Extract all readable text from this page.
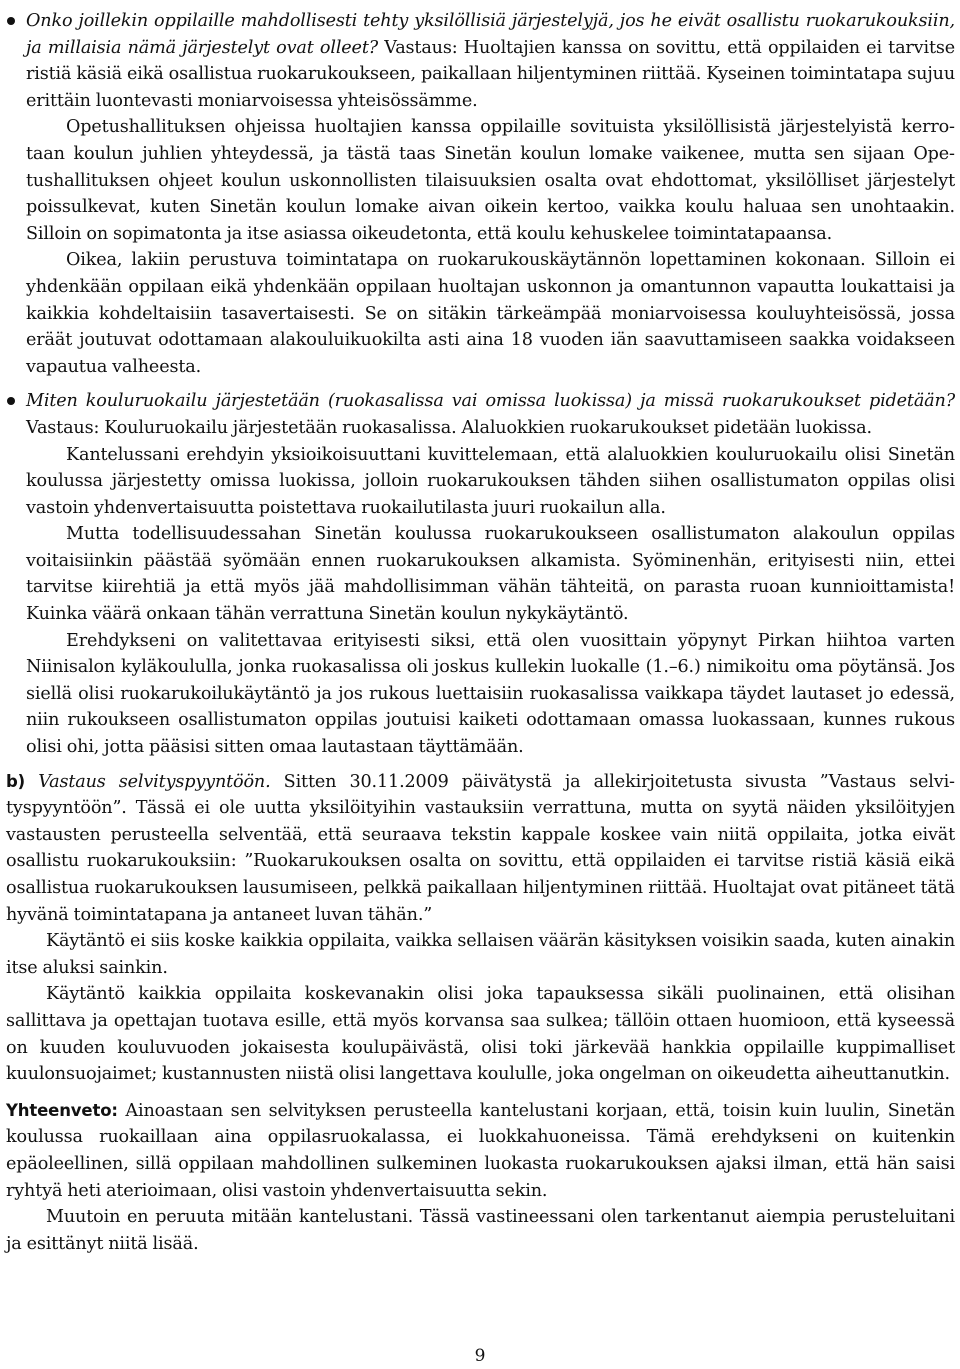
Onko joillekin oppilaille mahdollisesti tehty yksilöllisiä järjestelyjä, jos he eivät osallistu ruokarukouksiin, ja millaisia nämä järjestelyt ovat olleet? Vastaus: Huoltajien kanssa on sovittu, että oppilaiden ei tarvitse ristiä käsiä eikä osallistua ruokarukoukseen, paikallaan hiljentyminen riittää. Kyseinen toimintatapa sujuu erittäin luontevasti moniarvoisessa yhteisössämme.

Opetushallituksen ohjeissa huoltajien kanssa oppilaille sovituista yksilöllisistä järjestelyistä kerrotaan koulun juhlien yhteydessä, ja tästä taas Sinetän koulun lomake vaikenee, mutta sen sijaan Opetushallituksen ohjeet koulun uskonnollisten tilaisuuksien osalta ovat ehdottomat, yksilölliset järjestelyt poissulkevat, kuten Sinetän koulun lomake aivan oikein kertoo, vaikka koulu haluaa sen unohtaakin. Silloin on sopimatonta ja itse asiassa oikeudetonta, että koulu kehuskelee toimintatapaansa.

Oikea, lakiin perustuva toimintatapa on ruokarukouskäytännön lopettaminen kokonaan. Silloin ei yhdenkään oppilaan eikä yhdenkään oppilaan huoltajan uskonnon ja omantunnon vapautta loukattaisi ja kaikkia kohdeltaisiin tasavertaisesti. Se on sitäkin tärkeämpää moniarvoisessa kouluyhteisössä, jossa eräät joutuvat odottamaan alakouluikuokilta asti aina 18 vuoden iän saavuttamiseen saakka voidakseen vapautua valheesta.

Miten kouluruokailu järjestetään (ruokasalissa vai omissa luokissa) ja missä ruokarukoukset pidetään? Vastaus: Kouluruokailu järjestetään ruokasalissa. Alaluokkien ruokarukoukset pidetään luokissa.

Kantelussani erehdyin yksioikoisuuttani kuvittelemaan, että alaluokkien kouluruokailu olisi Sinetän koulussa järjestetty omissa luokissa, jolloin ruokarukouksen tähden siihen osallistumaton oppilas olisi vastoin yhdenvertaisuutta poistettava ruokailutilasta juuri ruokailun alla.

Mutta todellisuudessahan Sinetän koulussa ruokarukoukseen osallistumaton alakoulun oppilas voitaisiinkin päästää syömään ennen ruokarukouksen alkamista. Syöminenhän, erityisesti niin, ettei tarvitse kiirehtiä ja että myös jää mahdollisimman vähän tähteitä, on parasta ruoan kunnioittamista! Kuinka väärä onkaan tähän verrattuna Sinetän koulun nykykäytäntö.

Erehdykseni on valitettavaa erityisesti siksi, että olen vuosittain yöpynyt Pirkan hiihtoa varten Niinisalon kyläkoululla, jonka ruokasalissa oli joskus kullekin luokalle (1.–6.) nimikoitu oma pöytänsä. Jos siellä olisi ruokarukoilukäytäntö ja jos rukous luettaisiin ruokasalissa vaikkapa täydet lautaset jo edessä, niin rukoukseen osallistumaton oppilas joutuisi kaiketi odottamaan omassa luokassaan, kunnes rukous olisi ohi, jotta pääsisi sitten omaa lautastaan täyttämään.

b) Vastaus selvityspyyntöön. Sitten 30.11.2009 päivätystä ja allekirjoitetusta sivusta ”Vastaus selvityspyyntöön”. Tässä ei ole uutta yksilöityihin vastauksiin verrattuna, mutta on syytä näiden yksilöityjen vastausten perusteella selventää, että seuraava tekstin kappale koskee vain niitä oppilaita, jotka eivät osallistu ruokarukouksiin: ”Ruokarukouksen osalta on sovittu, että oppilaiden ei tarvitse ristiä käsiä eikä osallistua ruokarukouksen lausumiseen, pelkkä paikallaan hiljentyminen riittää. Huoltajat ovat pitäneet tätä hyvänä toimintatapana ja antaneet luvan tähän.”

Käytäntö ei siis koske kaikkia oppilaita, vaikka sellaisen väärän käsityksen voisikin saada, kuten ainakin itse aluksi sainkin.

Käytäntö kaikkia oppilaita koskevanakin olisi joka tapauksessa sikäli puolinainen, että olisihan sallittava ja opettajan tuotava esille, että myös korvansa saa sulkea; tällöin ottaen huomioon, että kyseessä on kuuden kouluvuoden jokaisesta koulupäivästä, olisi toki järkevää hankkia oppilaille kuppimalliset kuulonsuojaimet; kustannusten niistä olisi langettava koululle, joka ongelman on oikeudetta aiheuttanutkin.

Yhteenveto: Ainoastaan sen selvityksen perusteella kantelustani korjaan, että, toisin kuin luulin, Sinetän koulussa ruokaillaan aina oppilasruokalassa, ei luokkahuoneissa. Tämä erehdykseni on kuitenkin epäoleellinen, sillä oppilaan mahdollinen sulkeminen luokasta ruokarukouksen ajaksi ilman, että hän saisi ryhtyä heti aterioimaan, olisi vastoin yhdenvertaisuutta sekin.

Muutoin en peruuta mitään kantelustani. Tässä vastineessani olen tarkentanut aiempia perusteluitani ja esittänyt niitä lisää.

9
